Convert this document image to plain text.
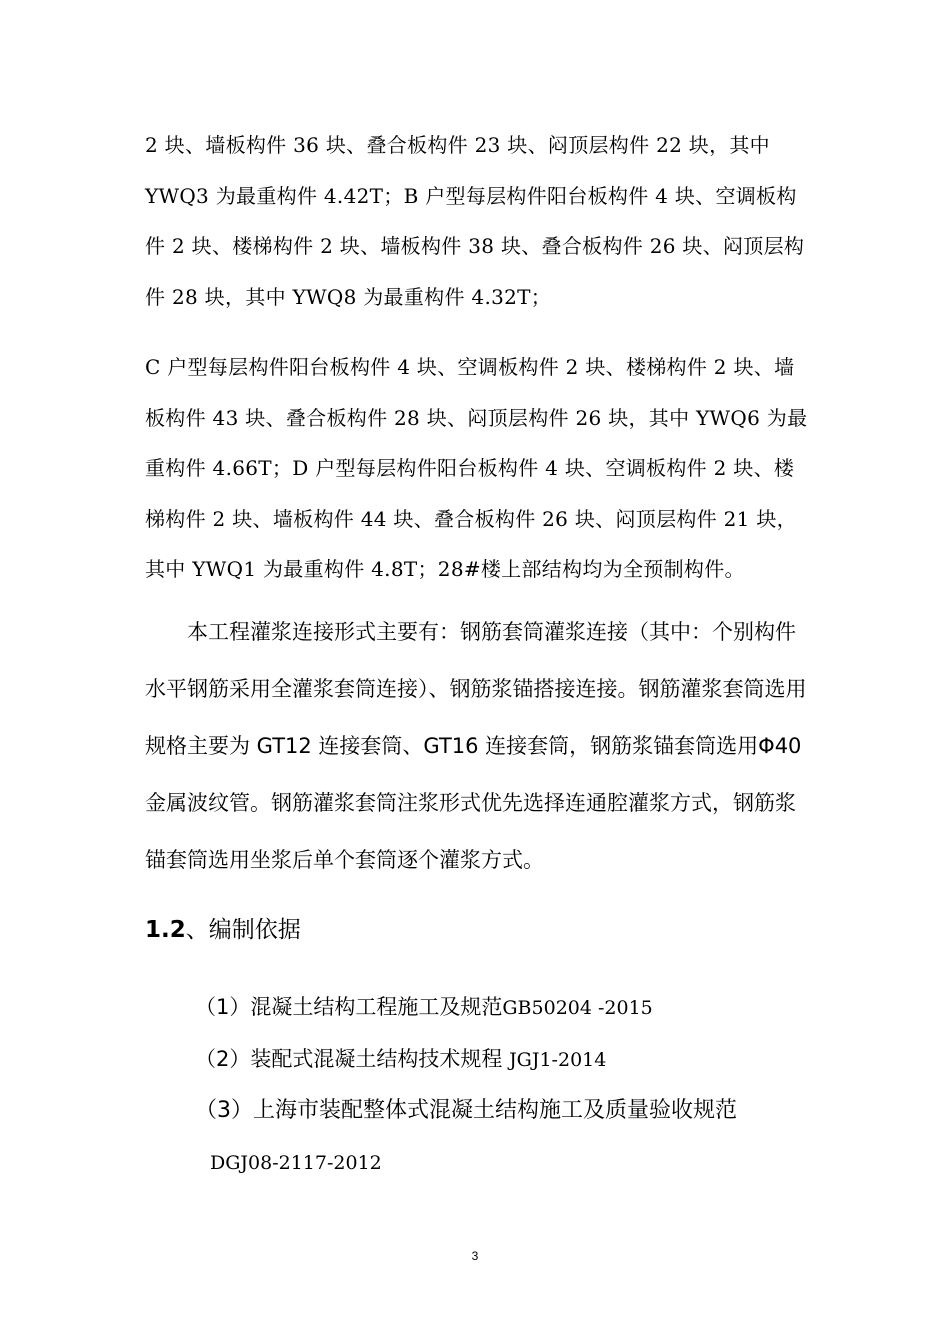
2 块、墙板构件 36 块、叠合板构件 23 块、闷顶层构件 22 块，其中 YWQ3 为最重构件 4.42T；B 户型每层构件阳台板构件 4 块、空调板构件 2 块、楼梯构件 2 块、墙板构件 38 块、叠合板构件 26 块、闷顶层构件 28 块，其中 YWQ8 为最重构件 4.32T；

C 户型每层构件阳台板构件 4 块、空调板构件 2 块、楼梯构件 2 块、墙板构件 43 块、叠合板构件 28 块、闷顶层构件 26 块，其中 YWQ6 为最重构件 4.66T；D 户型每层构件阳台板构件 4 块、空调板构件 2 块、楼梯构件 2 块、墙板构件 44 块、叠合板构件 26 块、闷顶层构件 21 块，其中 YWQ1 为最重构件 4.8T；28#楼上部结构均为全预制构件。

本工程灌浆连接形式主要有：钢筋套筒灌浆连接（其中：个别构件水平钢筋采用全灌浆套筒连接）、钢筋浆锚搭接连接。钢筋灌浆套筒选用规格主要为 GT12 连接套筒、GT16 连接套筒，钢筋浆锚套筒选用Φ40 金属波纹管。钢筋灌浆套筒注浆形式优先选择连通腔灌浆方式，钢筋浆锚套筒选用坐浆后单个套筒逐个灌浆方式。

1.2、编制依据

（1）混凝土结构工程施工及规范GB50204 -2015

（2）装配式混凝土结构技术规程 JGJ1-2014

（3）上海市装配整体式混凝土结构施工及质量验收规范

DGJ08-2117-2012

3
